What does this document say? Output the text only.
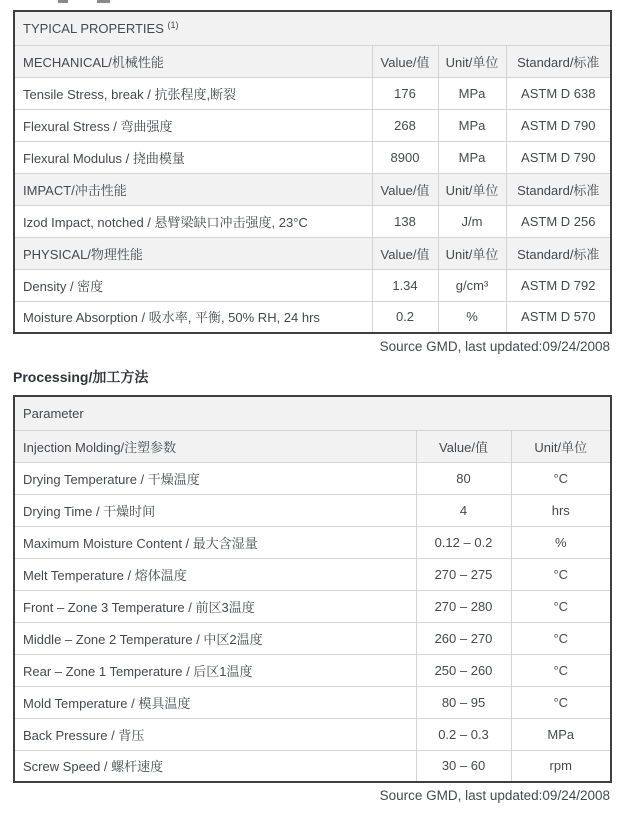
TYPICAL PROPERTIES $^{(1)}$
MECHANICAL/机械性能	Value/值	Unit/单位	Standard/标准
Tensile Stress, break / 抗张程度,断裂	176	MPa	ASTM D 638
Flexural Stress / 弯曲强度	268	MPa	ASTM D 790
Flexural Modulus / 挠曲模量	8900	MPa	ASTM D 790
IMPACT/冲击性能	Value/值	Unit/单位	Standard/标准
Izod Impact, notched / 悬臂梁缺口冲击强度, 23°C	138	J/m	ASTM D 256
PHYSICAL/物理性能	Value/值	Unit/单位	Standard/标准
Density / 密度	1.34	g/cm³	ASTM D 792
Moisture Absorption / 吸水率, 平衡, 50% RH, 24 hrs	0.2	%	ASTM D 570
Source GMD, last updated:09/24/2008
Processing/加工方法
Parameter		
Injection Molding/注塑参数	Value/值	Unit/单位
Drying Temperature / 干燥温度	80	°C
Drying Time / 干燥时间	4	hrs
Maximum Moisture Content / 最大含湿量	0.12 – 0.2	%
Melt Temperature / 熔体温度	270 – 275	°C
Front – Zone 3 Temperature / 前区3温度	270 – 280	°C
Middle – Zone 2 Temperature / 中区2温度	260 – 270	°C
Rear – Zone 1 Temperature / 后区1温度	250 – 260	°C
Mold Temperature / 模具温度	80 – 95	°C
Back Pressure / 背压	0.2 – 0.3	MPa
Screw Speed / 螺杆速度	30 – 60	rpm
Source GMD, last updated:09/24/2008
